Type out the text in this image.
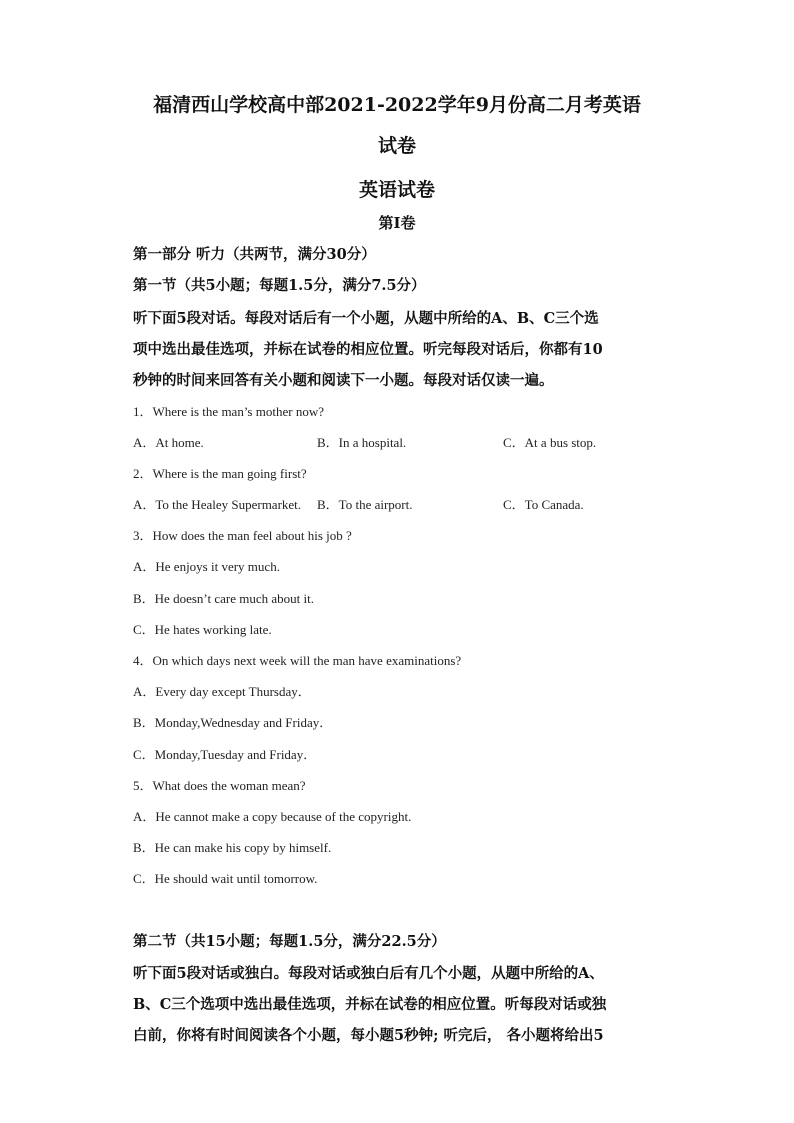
福清西山学校高中部2021-2022学年9月份高二月考英语
试卷
英语试卷
第I卷
第一部分 听力（共两节，满分30分）
第一节（共5小题；每题1.5分，满分7.5分）
听下面5段对话。每段对话后有一个小题，从题中所给的A、B、C三个选
项中选出最佳选项，并标在试卷的相应位置。听完每段对话后，你都有10
秒钟的时间来回答有关小题和阅读下一小题。每段对话仅读一遍。
1．Where is the man’s mother now?
A．At home.	B．In a hospital.	C．At a bus stop.
2．Where is the man going first?
A．To the Healey Supermarket. B．To the airport.	C．To Canada.
3．How does the man feel about his job ?
A．He enjoys it very much.
B．He doesn’t care much about it.
C．He hates working late.
4．On which days next week will the man have examinations?
A．Every day except Thursday．
B．Monday,Wednesday and Friday．
C．Monday,Tuesday and Friday．
5．What does the woman mean?
A．He cannot make a copy because of the copyright.
B．He can make his copy by himself.
C．He should wait until tomorrow.
第二节（共15小题；每题1.5分，满分22.5分）
听下面5段对话或独白。每段对话或独白后有几个小题，从题中所给的A、
B、C三个选项中选出最佳选项，并标在试卷的相应位置。听每段对话或独
白前，你将有时间阅读各个小题，每小题5秒钟; 听完后， 各小题将给出5
